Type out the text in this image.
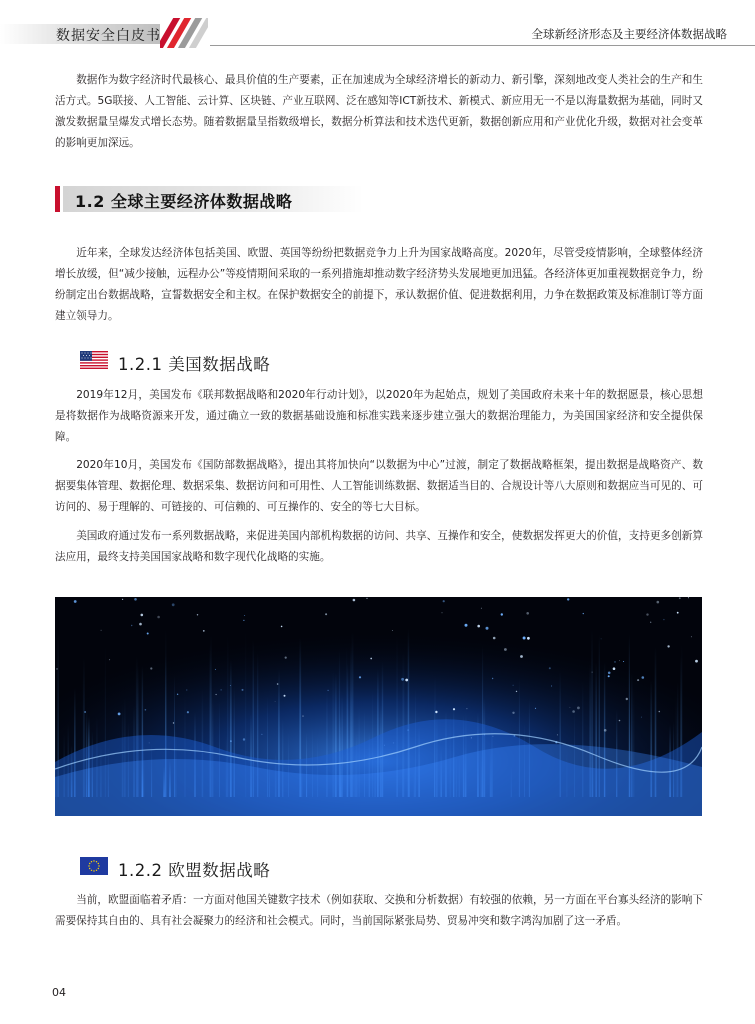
数据安全白皮书	全球新经济形态及主要经济体数据战略

数据作为数字经济时代最核心、最具价值的生产要素，正在加速成为全球经济增长的新动力、新引擎，深刻地改变人类社会的生产和生活方式。5G联接、人工智能、云计算、区块链、产业互联网、泛在感知等ICT新技术、新模式、新应用无一不是以海量数据为基础，同时又激发数据量呈爆发式增长态势。随着数据量呈指数级增长，数据分析算法和技术迭代更新，数据创新应用和产业优化升级，数据对社会变革的影响更加深远。

1.2 全球主要经济体数据战略

近年来，全球发达经济体包括美国、欧盟、英国等纷纷把数据竞争力上升为国家战略高度。2020年，尽管受疫情影响，全球整体经济增长放缓，但“减少接触，远程办公”等疫情期间采取的一系列措施却推动数字经济势头发展地更加迅猛。各经济体更加重视数据竞争力，纷纷制定出台数据战略，宣誓数据安全和主权。在保护数据安全的前提下，承认数据价值、促进数据利用，力争在数据政策及标准制订等方面建立领导力。

1.2.1 美国数据战略

2019年12月，美国发布《联邦数据战略和2020年行动计划》，以2020年为起始点，规划了美国政府未来十年的数据愿景，核心思想是将数据作为战略资源来开发，通过确立一致的数据基础设施和标准实践来逐步建立强大的数据治理能力，为美国国家经济和安全提供保障。

2020年10月，美国发布《国防部数据战略》，提出其将加快向“以数据为中心”过渡，制定了数据战略框架，提出数据是战略资产、数据要集体管理、数据伦理、数据采集、数据访问和可用性、人工智能训练数据、数据适当目的、合规设计等八大原则和数据应当可见的、可访问的、易于理解的、可链接的、可信赖的、可互操作的、安全的等七大目标。

美国政府通过发布一系列数据战略，来促进美国内部机构数据的访问、共享、互操作和安全，使数据发挥更大的价值，支持更多创新算法应用，最终支持美国国家战略和数字现代化战略的实施。

1.2.2 欧盟数据战略

当前，欧盟面临着矛盾：一方面对他国关键数字技术（例如获取、交换和分析数据）有较强的依赖，另一方面在平台寡头经济的影响下需要保持其自由的、具有社会凝聚力的经济和社会模式。同时，当前国际紧张局势、贸易冲突和数字鸿沟加剧了这一矛盾。

04
